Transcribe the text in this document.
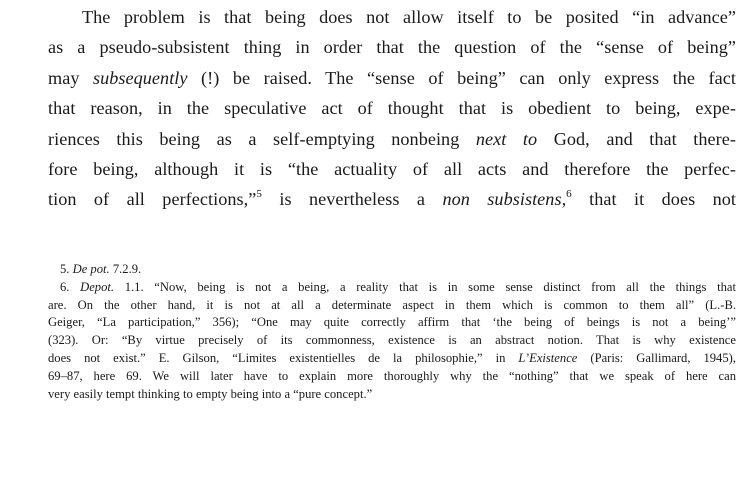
The problem is that being does not allow itself to be posited “in advance”
as a pseudo-subsistent thing in order that the question of the “sense of being”
may subsequently (!) be raised. The “sense of being” can only express the fact
that reason, in the speculative act of thought that is obedient to being, expe-
riences this being as a self-emptying nonbeing next to God, and that there-
fore being, although it is “the actuality of all acts and therefore the perfec-
tion of all perfections,”$^5$ is nevertheless a non subsistens,$^6$ that it does not
5. De pot. 7.2.9.
6. Depot. 1.1. “Now, being is not a being, a reality that is in some sense distinct from all the things that
are. On the other hand, it is not at all a determinate aspect in them which is common to them all” (L.-B.
Geiger, “La participation,” 356); “One may quite correctly affirm that ‘the being of beings is not a being’”
(323). Or: “By virtue precisely of its commonness, existence is an abstract notion. That is why existence
does not exist.” E. Gilson, “Limites existentielles de la philosophie,” in L’Existence (Paris: Gallimard, 1945),
69–87, here 69. We will later have to explain more thoroughly why the “nothing” that we speak of here can
very easily tempt thinking to empty being into a “pure concept.”
